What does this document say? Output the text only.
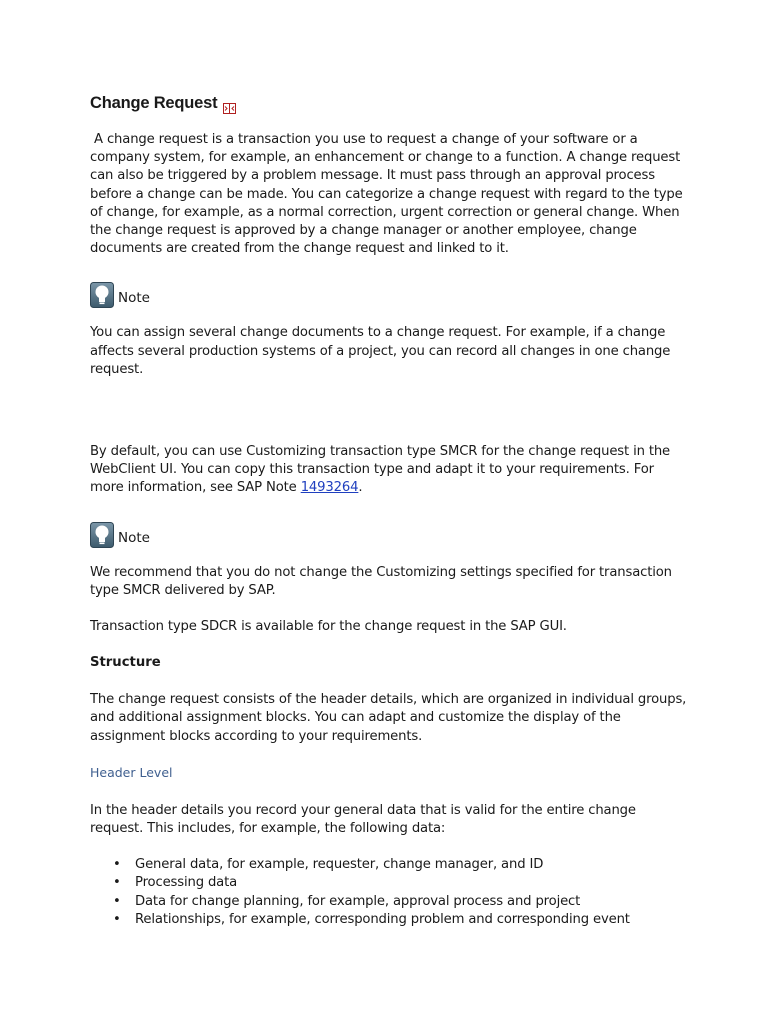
Change Request

A change request is a transaction you use to request a change of your software or a company system, for example, an enhancement or change to a function. A change request can also be triggered by a problem message. It must pass through an approval process before a change can be made. You can categorize a change request with regard to the type of change, for example, as a normal correction, urgent correction or general change. When the change request is approved by a change manager or another employee, change documents are created from the change request and linked to it.

Note

You can assign several change documents to a change request. For example, if a change affects several production systems of a project, you can record all changes in one change request.

By default, you can use Customizing transaction type SMCR for the change request in the WebClient UI. You can copy this transaction type and adapt it to your requirements. For more information, see SAP Note 1493264.

Note

We recommend that you do not change the Customizing settings specified for transaction type SMCR delivered by SAP.

Transaction type SDCR is available for the change request in the SAP GUI.

Structure

The change request consists of the header details, which are organized in individual groups, and additional assignment blocks. You can adapt and customize the display of the assignment blocks according to your requirements.

Header Level

In the header details you record your general data that is valid for the entire change request. This includes, for example, the following data:

• General data, for example, requester, change manager, and ID
• Processing data
• Data for change planning, for example, approval process and project
• Relationships, for example, corresponding problem and corresponding event
